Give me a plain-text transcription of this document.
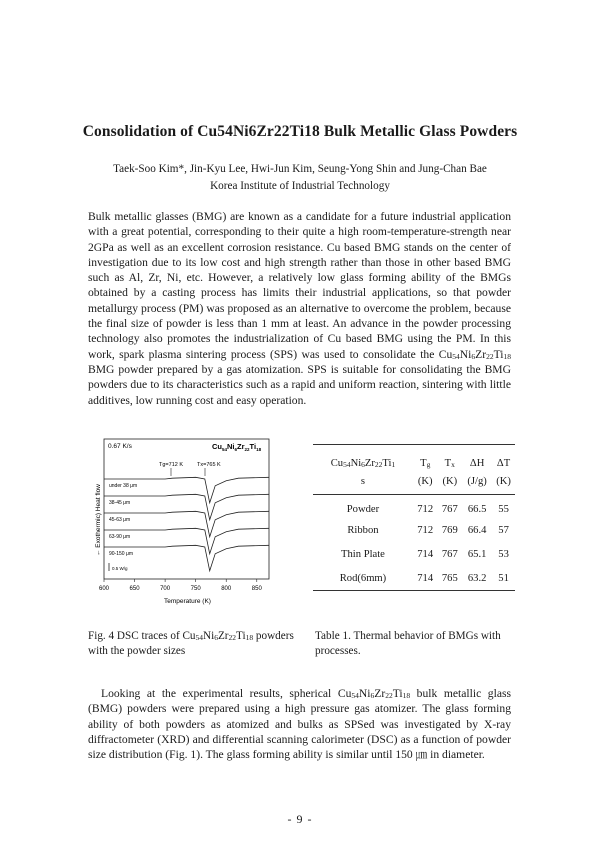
Consolidation of Cu54Ni6Zr22Ti18 Bulk Metallic Glass Powders
Taek-Soo Kim*, Jin-Kyu Lee, Hwi-Jun Kim, Seung-Yong Shin and Jung-Chan Bae
Korea Institute of Industrial Technology

Bulk metallic glasses (BMG) are known as a candidate for a future industrial application with a great potential, corresponding to their quite a high room-temperature-strength near 2GPa as well as an excellent corrosion resistance. Cu based BMG stands on the center of investigation due to its low cost and high strength rather than those in other based BMG such as Al, Zr, Ni, etc. However, a relatively low glass forming ability of the BMGs obtained by a casting process has limits their industrial applications, so that powder metallurgy process (PM) was proposed as an alternative to overcome the problem, because the final size of powder is less than 1 mm at least. An advance in the powder processing technology also promotes the industrialization of Cu based BMG using the PM. In this work, spark plasma sintering process (SPS) was used to consolidate the $Cu_{54}Ni_6Zr_{22}Ti_{18}$ BMG powder prepared by a gas atomization. SPS is suitable for consolidating the BMG powders due to its characteristics such as a rapid and uniform reaction, sintering with little additives, low running cost and easy operation.

0.67 K/s	$Cu_{54}Ni_6Zr_{22}Ti_{18}$
Tg=712 K	Tx=765 K
← Exothermic) Heat flow under 38 μm
38-45 μm
45-63 μm
63-90 μm
90-150 μm
0.5 W/g
600	650	700	750	800	850
Temperature (K)

Fig. 4 DSC traces of $Cu_{54}Ni_6Zr_{22}Ti_{18}$ powders with the powder sizes

$Cu_{54}Ni_6Zr_{22}Ti_1$	$T_g$	$T_x$	ΔH	ΔT
s	(K)	(K)	(J/g)	(K)
Powder	712	767	66.5	55
Ribbon	712	769	66.4	57
Thin Plate	714	767	65.1	53
Rod(6mm)	714	765	63.2	51

Table 1. Thermal behavior of BMGs with processes.

Looking at the experimental results, spherical $Cu_{54}Ni_6Zr_{22}Ti_{18}$ bulk metallic glass (BMG) powders were prepared using a high pressure gas atomizer. The glass forming ability of both powders as atomized and bulks as SPSed was investigated by X-ray diffractometer (XRD) and differential scanning calorimeter (DSC) as a function of powder size distribution (Fig. 1). The glass forming ability is similar until 150 ㎛ in diameter.

- 9 -
